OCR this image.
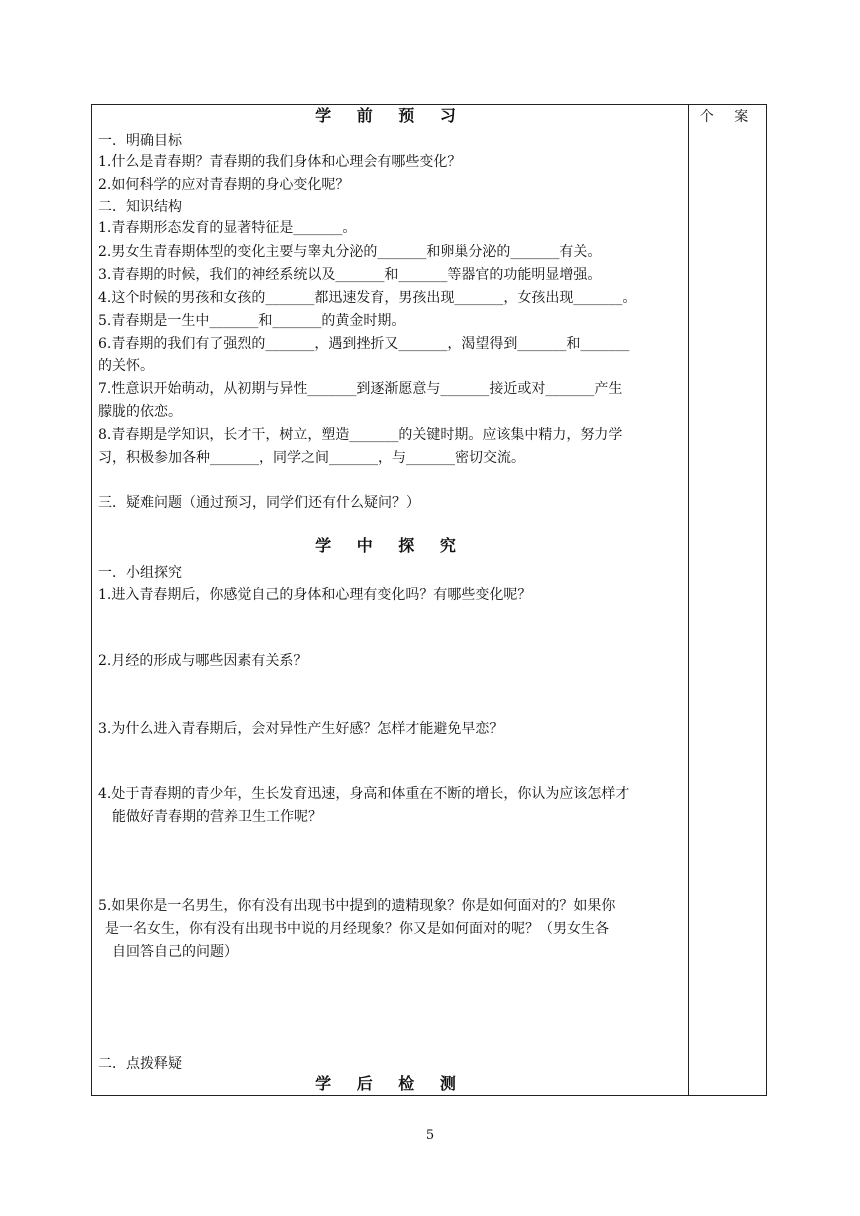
个 案
学 前 预 习
一．明确目标
1.什么是青春期？青春期的我们身体和心理会有哪些变化？
2.如何科学的应对青春期的身心变化呢？
二．知识结构
1.青春期形态发育的显著特征是_______。
2.男女生青春期体型的变化主要与睾丸分泌的_______和卵巢分泌的_______有关。
3.青春期的时候，我们的神经系统以及_______和_______等器官的功能明显增强。
4.这个时候的男孩和女孩的_______都迅速发育，男孩出现_______，女孩出现_______。
5.青春期是一生中_______和_______的黄金时期。
6.青春期的我们有了强烈的_______，遇到挫折又_______，渴望得到_______和_______
的关怀。
7.性意识开始萌动，从初期与异性_______到逐渐愿意与_______接近或对_______产生
朦胧的依恋。
8.青春期是学知识，长才干，树立，塑造_______的关键时期。应该集中精力，努力学
习，积极参加各种_______，同学之间_______，与_______密切交流。
三．疑难问题（通过预习，同学们还有什么疑问？）
学 中 探 究
一．小组探究
1.进入青春期后，你感觉自己的身体和心理有变化吗？有哪些变化呢？
2.月经的形成与哪些因素有关系？
3.为什么进入青春期后，会对异性产生好感？怎样才能避免早恋？
4.处于青春期的青少年，生长发育迅速，身高和体重在不断的增长，你认为应该怎样才
能做好青春期的营养卫生工作呢？
5.如果你是一名男生，你有没有出现书中提到的遗精现象？你是如何面对的？如果你
是一名女生，你有没有出现书中说的月经现象？你又是如何面对的呢？（男女生各
自回答自己的问题）
二．点拨释疑
学 后 检 测
5
